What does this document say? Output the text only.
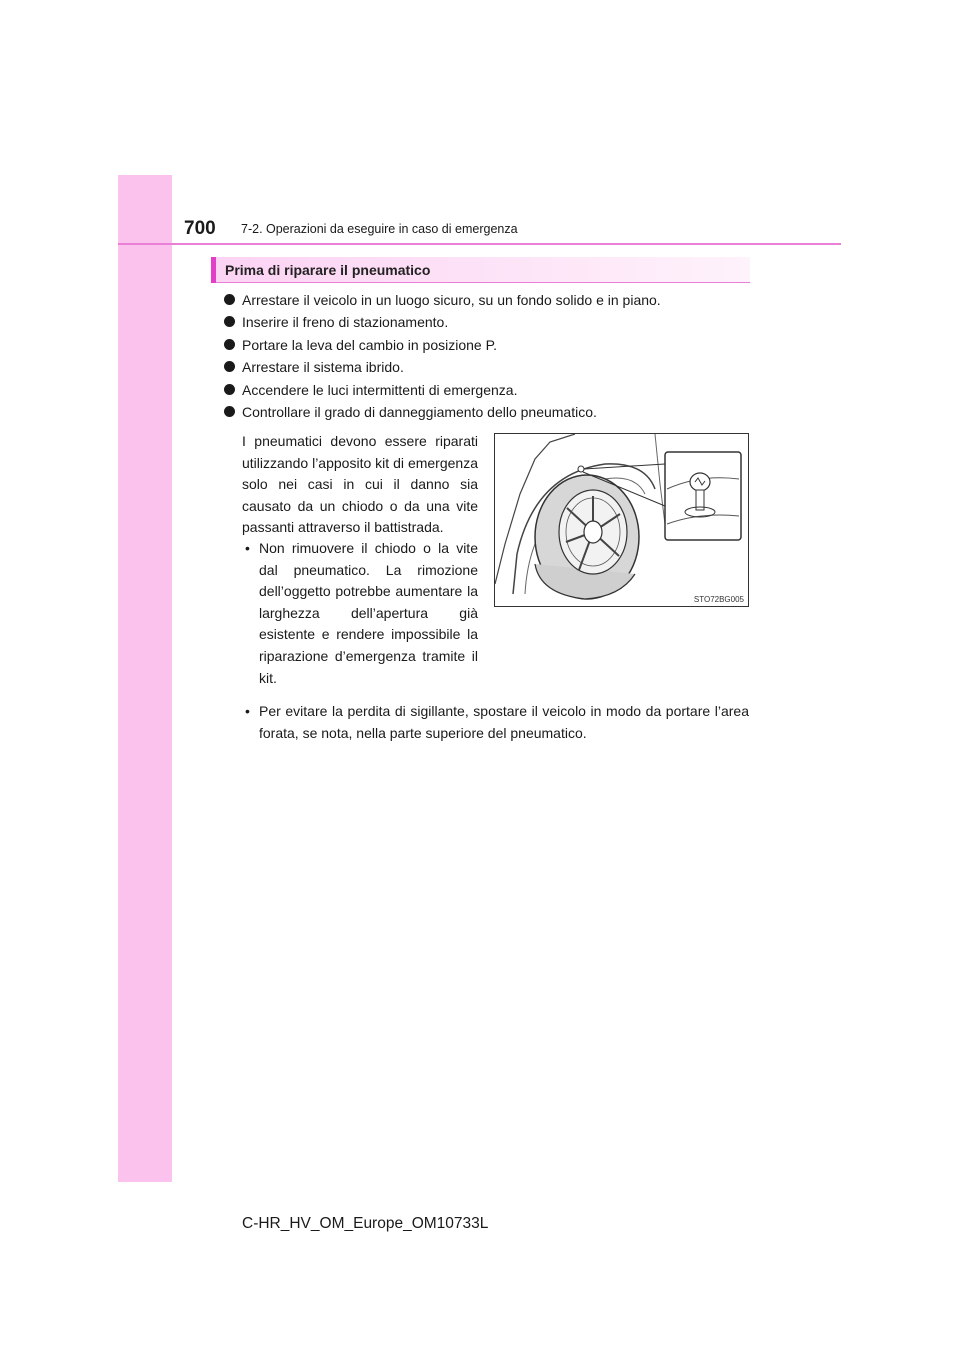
700 7-2. Operazioni da eseguire in caso di emergenza
Prima di riparare il pneumatico
Arrestare il veicolo in un luogo sicuro, su un fondo solido e in piano.
Inserire il freno di stazionamento.
Portare la leva del cambio in posizione P.
Arrestare il sistema ibrido.
Accendere le luci intermittenti di emergenza.
Controllare il grado di danneggiamento dello pneumatico.
I pneumatici devono essere riparati utilizzando l’apposito kit di emergenza solo nei casi in cui il danno sia causato da un chiodo o da una vite passanti attraverso il battistrada.
• Non rimuovere il chiodo o la vite dal pneumatico. La rimozione dell’oggetto potrebbe aumentare la larghezza dell’apertura già esistente e rendere impossibile la riparazione d’emergenza tramite il kit.
• Per evitare la perdita di sigillante, spostare il veicolo in modo da portare l’area forata, se nota, nella parte superiore del pneumatico.
STO72BG005
C-HR_HV_OM_Europe_OM10733L
